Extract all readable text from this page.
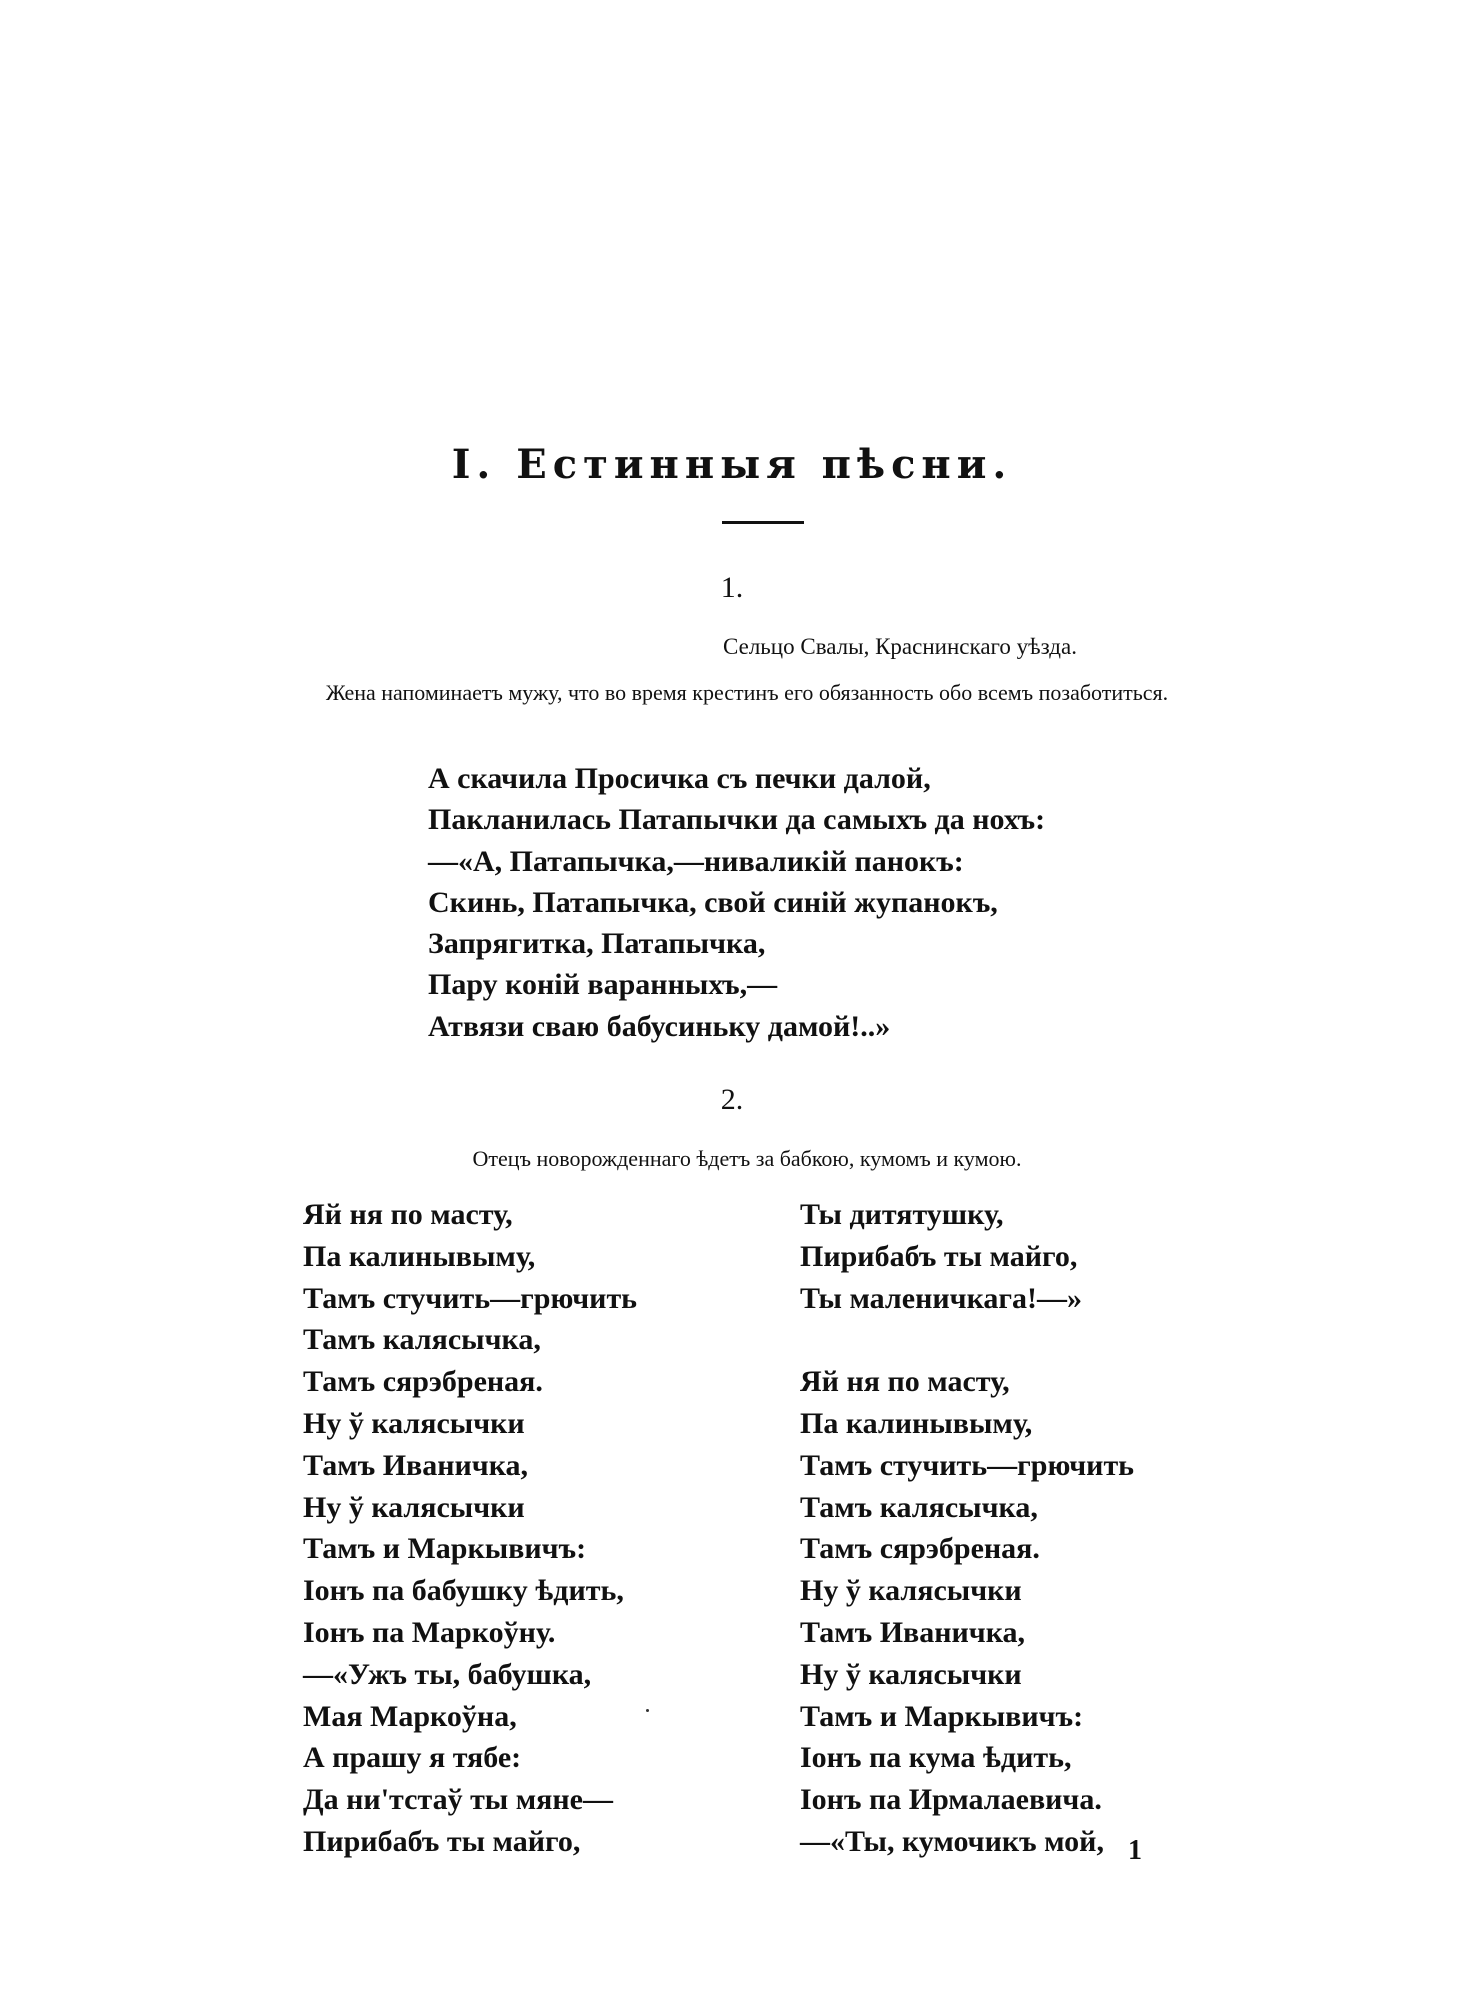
I. Естинныя пѣсни.
1.
Сельцо Свалы, Краснинскаго уѣзда.
Жена напоминаетъ мужу, что во время крестинъ его обязанность обо всемъ позаботиться.
А скачила Просичка съ печки далой,
Пакланилась Патапычки да самыхъ да нохъ:
—«А, Патапычка,—ниваликій панокъ:
Скинь, Патапычка, свой синій жупанокъ,
Запрягитка, Патапычка,
Пару коній варанныхъ,—
Атвязи сваю бабусиньку дамой!..»
2.
Отецъ новорожденнаго ѣдетъ за бабкою, кумомъ и кумою.
Яй ня по масту,
Па калинывыму,
Тамъ стучить—грючить
Тамъ калясычка,
Тамъ сярэбреная.
Ну ў калясычки
Тамъ Иваничка,
Ну ў калясычки
Тамъ и Маркывичъ:
Іонъ па бабушку ѣдить,
Іонъ па Маркоўну.
—«Ужъ ты, бабушка,
Мая Маркоўна,
А прашу я тябе:
Да ни'тстаў ты мяне—
Пирибабъ ты майго,
Ты дитятушку,
Пирибабъ ты майго,
Ты маленичкага!—»
Яй ня по масту,
Па калинывыму,
Тамъ стучить—грючить
Тамъ калясычка,
Тамъ сярэбреная.
Ну ў калясычки
Тамъ Иваничка,
Ну ў калясычки
Тамъ и Маркывичъ:
Іонъ па кума ѣдить,
Іонъ па Ирмалаевича.
—«Ты, кумочикъ мой, 1
